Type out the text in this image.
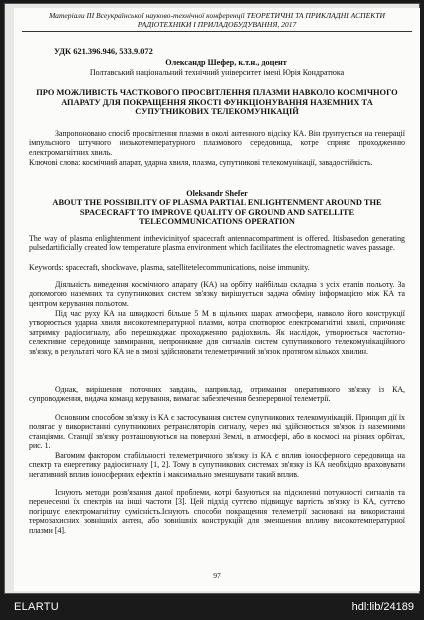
Матеріали ІІІ Всеукраїнської науково-технічної конференції ТЕОРЕТИЧНІ ТА ПРИКЛАДНІ АСПЕКТИ РАДІОТЕХНІКИ І ПРИЛАДОБУДУВАННЯ, 2017
УДК 621.396.946, 533.9.072
Олександр Шефер, к.т.н., доцент
Полтавський національний технічний університет імені Юрія Кондратюка
ПРО МОЖЛИВІСТЬ ЧАСТКОВОГО ПРОСВІТЛЕННЯ ПЛАЗМИ НАВКОЛО КОСМІЧНОГО АПАРАТУ ДЛЯ ПОКРАЩЕННЯ ЯКОСТІ ФУНКЦІОНУВАННЯ НАЗЕМНИХ ТА СУПУТНИКОВИХ ТЕЛЕКОМУНІКАЦІЙ
Запропоновано спосіб просвітлення плазми в околі антенного відсіку КА. Він ґрунтується на генерації імпульсного штучного низькотемпературного плазмового середовища, котре сприяє проходженню електромагнітних хвиль.
Ключові слова: космічний апарат, ударна хвиля, плазма, супутникові телекомунікації, завадостійкість.
Oleksandr Shefer
ABOUT THE POSSIBILITY OF PLASMA PARTIAL ENLIGHTENMENT AROUND THE SPACECRAFT TO IMPROVE QUALITY OF GROUND AND SATELLITE TELECOMMUNICATIONS OPERATION
The way of plasma enlightenment inthevicinityof spacecraft antennacompartment is offered. Itisbasedon generating pulsedartificially created low temperature plasma environment which facilitates the electromagnetic waves passage.
Keywords: spacecraft, shockwave, plasma, satellitetelecommunications, noise immunity.
Діяльність виведення космічного апарату (КА) на орбіту найбільш складна з усіх етапів польоту. За допомогою наземних та супутникових систем зв'язку вирішується задача обміну інформацією між КА та центром керування польотом.
Під час руху КА на швидкості більше 5 М в щільних шарах атмосфери, навколо його конструкції утворюється ударна хвиля високотемпературної плазми, котра спотворює електромагнітні хвилі, спричиняє затримку радіосигналу, або перешкоджає проходженню радіохвиль. Як наслідок, утворюється частотно-селективне середовище завмирання, непрониквне для сигналів систем супутникового телекомунікаційного зв'язку, в результаті чого КА не в змозі здійснювати телеметричний зв'язок протягом кількох хвилин.
Однак, вирішення поточних завдань, наприклад, отримання оперативного зв'язку із КА, супроводження, видача команд керування, вимагає забезпечення безперервної телеметрії.
Основним способом зв'язку із КА є застосування систем супутникових телекомунікацій. Принцип дії їх полягає у використанні супутникових ретрансляторів сигналу, через які здійснюється зв'язок із наземними станціями. Станції зв'язку розташовуються на поверхні Землі, в атмосфері, або в космосі на різних орбітах, рис. 1.
Вагомим фактором стабільності телеметричного зв'язку із КА є вплив іоносферного середовища на спектр та енергетику радіосигналу [1, 2]. Тому в супутникових системах зв'язку із КА необхідно враховувати негативний вплив іоносферних ефектів і максимально зменшувати такий вплив.
Існують методи розв'язання даної проблеми, котрі базуються на підсиленні потужності сигналів та перенесенні їх спектрів на інші частоти [3]. Цей підхід суттєво підвищує вартість зв'язку із КА, суттєво погіршує електромагнітну сумісність.Існують способи покращення телеметрії засновані на використанні термозахисних зовнішніх антен, або зовнішніх конструкцій для зменшення впливу високотемпературної плазми [4].
97
ELARTU	hdl:lib/24189
